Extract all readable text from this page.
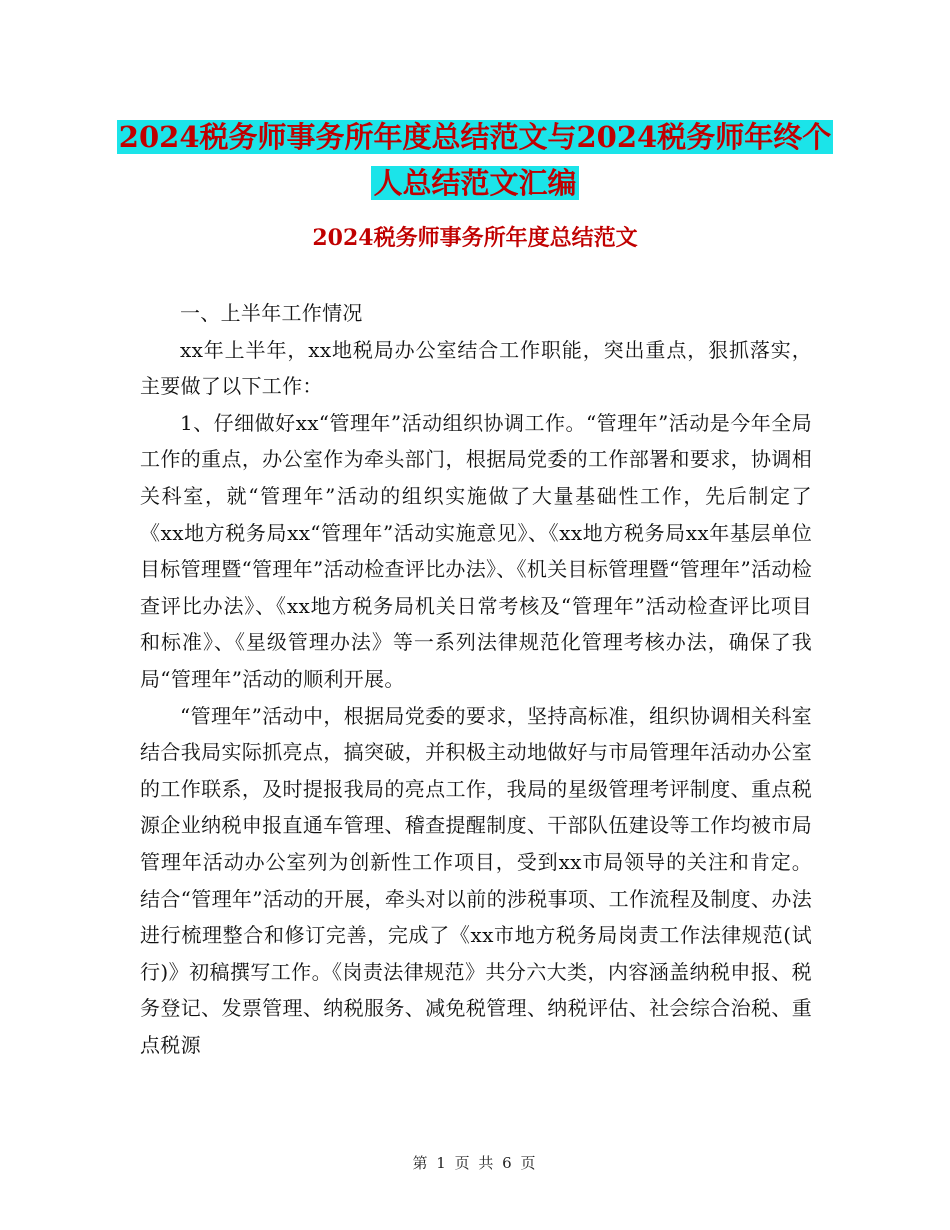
2024税务师事务所年度总结范文与2024税务师年终个
人总结范文汇编
2024税务师事务所年度总结范文

一、上半年工作情况

xx年上半年，xx地税局办公室结合工作职能，突出重点，狠抓落实，主要做了以下工作：

1、仔细做好xx“管理年”活动组织协调工作。“管理年”活动是今年全局工作的重点，办公室作为牵头部门，根据局党委的工作部署和要求，协调相关科室，就“管理年”活动的组织实施做了大量基础性工作，先后制定了《xx地方税务局xx“管理年”活动实施意见》、《xx地方税务局xx年基层单位目标管理暨“管理年”活动检查评比办法》、《机关目标管理暨“管理年”活动检查评比办法》、《xx地方税务局机关日常考核及“管理年”活动检查评比项目和标准》、《星级管理办法》等一系列法律规范化管理考核办法，确保了我局“管理年”活动的顺利开展。

“管理年”活动中，根据局党委的要求，坚持高标准，组织协调相关科室结合我局实际抓亮点，搞突破，并积极主动地做好与市局管理年活动办公室的工作联系，及时提报我局的亮点工作，我局的星级管理考评制度、重点税源企业纳税申报直通车管理、稽查提醒制度、干部队伍建设等工作均被市局管理年活动办公室列为创新性工作项目，受到xx市局领导的关注和肯定。结合“管理年”活动的开展，牵头对以前的涉税事项、工作流程及制度、办法进行梳理整合和修订完善，完成了《xx市地方税务局岗责工作法律规范(试行)》初稿撰写工作。《岗责法律规范》共分六大类，内容涵盖纳税申报、税务登记、发票管理、纳税服务、减免税管理、纳税评估、社会综合治税、重点税源

第 1 页 共 6 页
